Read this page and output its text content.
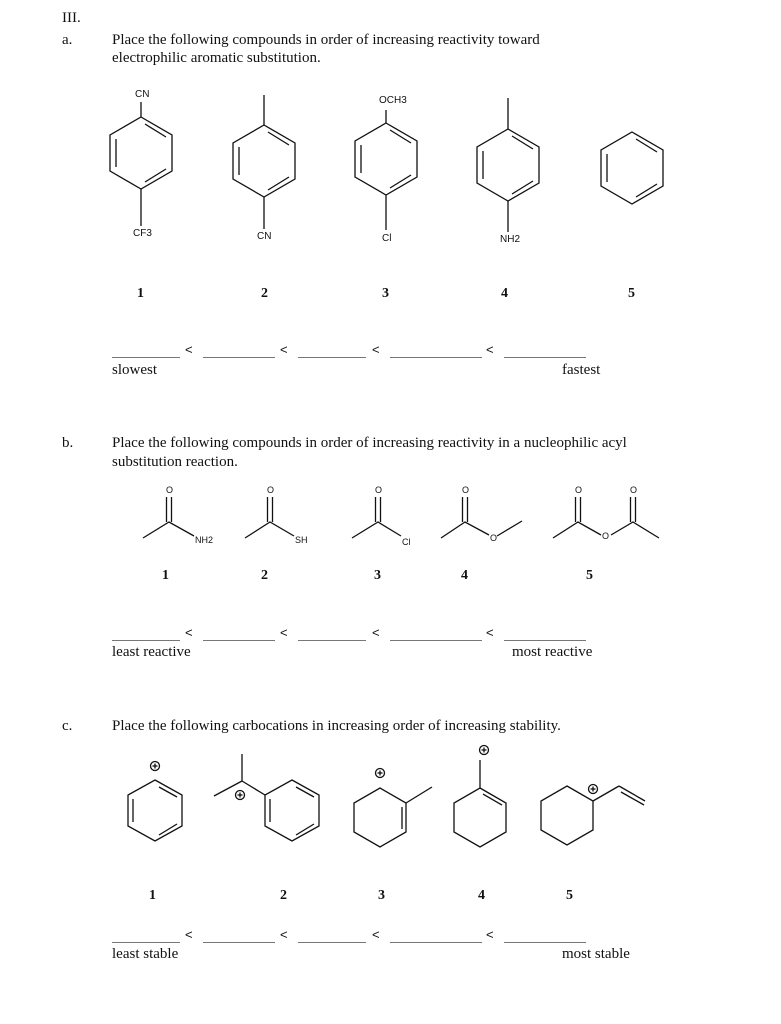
III.
a.	Place the following compounds in order of increasing reactivity toward
electrophilic aromatic substitution.
CN
CF3	CN
OCH3
Cl	NH2
1	2	3	4	5
<	<	<	<
slowest	fastest
b.	Place the following compounds in order of increasing reactivity in a nucleophilic acyl
substitution reaction.
O
NH2
O
SH
O
Cl
O
O
O
O
O
1	2	3	4	5
<	<	<	<
least reactive	most reactive
c.	Place the following carbocations in increasing order of increasing stability.
1	2	3	4	5
<	<	<	<
least stable	most stable
